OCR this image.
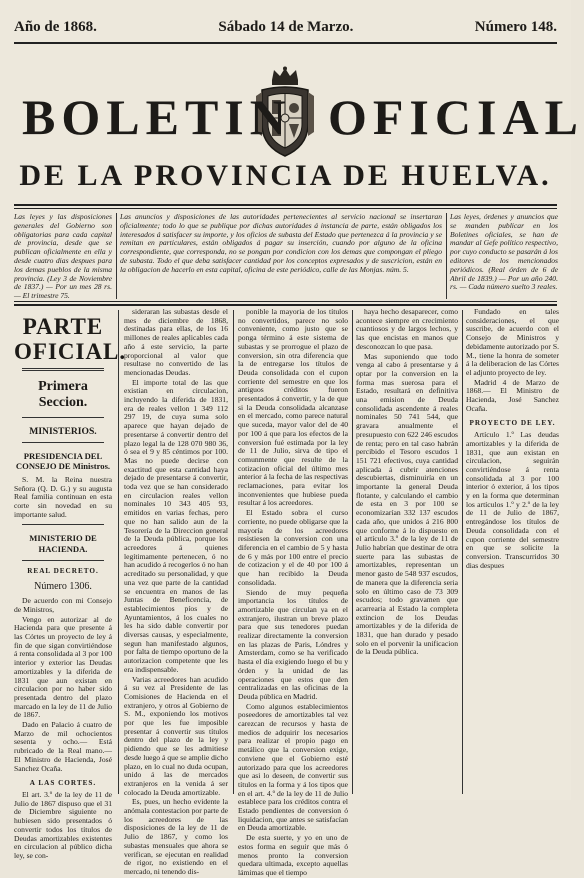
Año de 1868.	Sábado 14 de Marzo.	Número 148.
BOLETIN OFICIAL
DE LA PROVINCIA DE HUELVA.
Las leyes y las disposiciones generales del Gobierno son obligatorias para cada capital de provincia, desde que se publican oficialmente en ella y desde cuatro dias despues para los demas pueblos de la misma provincia. (Ley 3 de Noviembre de 1837.) — Por un mes 28 rs. — El trimestre 75.
Las anuncios y disposiciones de las autoridades pertenecientes al servicio nacional se insertaran oficialmente; todo lo que se publique por dichas autoridades á instancia de parte, están obligados los interesados á satisfacer su importe, y los oficios de subasta del Estado que pertenezca á la provincia y se remitan en particulares, están obligados á pagar su inserción, cuando por alguno de la oficina correspondiente, que corresponda, no se pongan por condicion con los demas que compongan el pliego de subasta. Todo el que deba satisfacer cantidad por los conceptos expresados y de suscricion, están en la obligacion de hacerlo en esta capital, oficina de este periódico, calle de las Monjas. núm. 5.
Las leyes, órdenes y anuncios que se manden publicar en los Boletines oficiales, se han de mandar al Gefe político respectivo, por cuyo conducto se pasarán á los editores de los mencionados periódicos. (Real órden de 6 de Abril de 1839.) — Por un año 240. rs. — Cada número suelto 3 reales.
PARTE OFICIAL.
Primera Seccion.
MINISTERIOS.
PRESIDENCIA DEL CONSEJO DE Ministros.

S. M. la Reina nuestra Señora (Q. D. G.) y su augusta Real familia continuan en esta corte sin novedad en su importante salud.

MINISTERIO DE HACIENDA.
REAL DECRETO.
Número 1306.

De acuerdo con mi Consejo de Ministros,

Vengo en autorizar al de Hacienda para que presente á las Córtes un proyecto de ley á fin de que sigan convirtiéndose á renta consolidada al 3 por 100 interior y exterior las Deudas amortizables y la diferida de 1831 que aun existan en circulacion por no haber sido presentada dentro del plazo marcado en la ley de 11 de Julio de 1867.

Dado en Palacio á cuatro de Marzo de mil ochocientos sesenta y ocho.— Está rubricado de la Real mano.— El Ministro de Hacienda, José Sanchez Ocaña.

A LAS CORTES.

El art. 3.º de la ley de 11 de Julio de 1867 dispuso que el 31 de Diciembre siguiente no hubiesen sido presentados ó convertir todos los títulos de Deudas amortizables existentes en circulacion al público dicha ley, se con-

sideraran las subastas desde el mes de diciembre de 1868, destinadas para ellas, de los 16 millones de reales aplicables cada año á este servicio, la parte proporcional al valor que resultase no convertido de las mencionadas Deudas.

El importe total de las que existian en circulacion, incluyendo la diferida de 1831, era de reales vellon 1 349 112 297 19, de cuya suma solo aparece que hayan dejado de presentarse á convertir dentro del plazo legal la de 128 070 980 36, ó sea el 9 y 85 céntimos por 100. Mas no puede decirse con exactitud que esta cantidad haya dejado de presentarse á convertir, toda vez que se han considerado en circulacion reales vellon nominales 10 343 405 93, emitidos en varias fechas, pero que no han salido aun de la Tesorería de la Direccion general de la Deuda pública, porque los acreedores á quienes legítimamente pertenecen, ó no han acudido á recogerlos ó no han acreditado su personalidad, y que una vez que parte de la cantidad se encuentra en manos de las Juntas de Beneficencia, de establecimientos píos y de Ayuntamientos, á los cuales no les ha sido dable convertir por diversas causas, y especialmente, segun han manifestado algunos, por falta de tiempo oportuno de la autorizacion competente que les era indispensable.

Varias acreedores han acudido á su vez al Presidente de las Comisiones de Hacienda en el extranjero, y otros al Gobierno de S. M., exponiendo los motivos por que les fue imposible presentar á convertir sus títulos dentro del plazo de la ley y pidiendo que se les admitiese desde luego á que se amplie dicho plazo, en lo cual no duda ocupan, unido á las de mercados extranjeros en la venida á ser colocado la Deuda amortizable.

Es, pues, un hecho evidente la anómala contestacion por parte de los acreedores de las disposiciones de la ley de 11 de Julio de 1867, y como los subastas mensuales que ahora se verifican, se ejecutan en realidad de rigor, no existiendo en el mercado, ni tenendo dis-

ponible la mayoria de los títulos no convertidos, parece no solo conveniente, como justo que se ponga término á este sistema de subastas y se prorrogue el plazo de conversion, sin otra diferencia que la de entregarse los títulos de Deuda consolidada con el cupon corriente del semestre en que los antiguos créditos fueron presentados á convertir, y la de que si la Deuda consolidada alcanzase en el mercado, como parece natural que suceda, mayor valor del de 40 por 100 á que para los efectos de la conversion fué estimada por la ley de 11 de Julio, sirva de tipo el comunmente que resulte de la cotizacion oficial del último mes anterior á la fecha de las respectivas reclamaciones, para evitar los inconvenientes que hubiese pueda resultar á los acreedores.

El Estado sobra el curso corriente, no puede obligarse que la mayoría de los acreedores resistiesen la conversion con una diferencia en el cambio de 5 y hasta de 6 y más por 100 entre el precio de cotizacion y el de 40 por 100 á que han recibido la Deuda consolidada.

Siendo de muy pequeña importancia los títulos de amortizable que circulan ya en el extranjero, ilustran un breve plazo para que sus tenedores puedan realizar directamente la conversion en las plazas de Paris, Lóndres y Amsterdam, como se ha verificado hasta el día exigiendo luego el bu y órden y la unidad de las operaciones que estos que den centralizadas en las oficinas de la Deuda pública en Madrid.

Como algunos establecimientos poseedores de amortizables tal vez carezcan de recursos y hasta de medios de adquirir los necesarios para realizar el propio pago en metálico que la conversion exige, conviene que el Gobierno esté autorizado para que los acreedores que asi lo deseen, de convertir sus títulos en la forma y á los tipos que en el art. 4.º de la ley de 11 de Julio establece para los créditos contra el Estado pendientes de conversion ó liquidacion, que antes se satisfacían en Deuda amortizable.

De esta suerte, y yo en uno de estos forma en seguir que más ó menos pronto la conversion quedara ultimada, excepto aquellas lámimas que el tiempo

haya hecho desaparecer, como acontece siempre en crecimiento cuantiosos y de largos lechos, y las que encistas en manos que desconozcan lo que pasa.

Mas suponiendo que todo venga al cabo á presentarse y á optar por la conversion en la forma mas suerosa para el Estado, resultará en definitiva una emision de Deuda consolidada ascendente á reales nominales 50 741 544, que gravara anualmente el presupuesto con 622 246 escudos de renta; pero en tal caso habrán percibido el Tesoro escudos 1 151 721 efectivos, cuya cantidad aplicada á cubrir atenciones descubiertas, disminuiría en un importante la general Deuda flotante, y calculando el cambio de esta en 3 por 100 se economizarían 332 137 escudos cada año, que unidos á 216 800 que conforme á lo dispuesto en el artículo 3.º de la ley de 11 de Julio habrían que destinar de otra suerte para las subastas de amortizables, representan un menor gasto de 548 937 escudos, de manera que la diferencia seria solo en último caso de 73 309 escudos; todo gravamen que acarrearia al Estado la completa extincion de los Deudas amortizables y de la diferida de 1831, que han durado y pesado solo en el porvenir la unificacion de la Deuda pública.

Fundado en tales consideraciones, el que suscribe, de acuerdo con el Consejo de Ministros y debidamente autorizado por S. M., tiene la honra de someter á la deliberacion de las Córtes el adjunto proyecto de ley.

Madrid 4 de Marzo de 1868.— El Ministro de Hacienda, José Sanchez Ocaña.

PROYECTO DE LEY.

Artículo 1.º Las deudas amortizables y la diferida de 1831, que aun existan en circulacion, seguirán convirtiéndose á renta consolidada al 3 por 100 interior ó exterior, á los tipos y en la forma que determinan los artículos 1.º y 2.º de la ley de 11 de Julio de 1867, entregándose los títulos de Deuda consolidada con el cupon corriente del semestre en que se solicite la conversion. Transcurridos 30 dias despues
